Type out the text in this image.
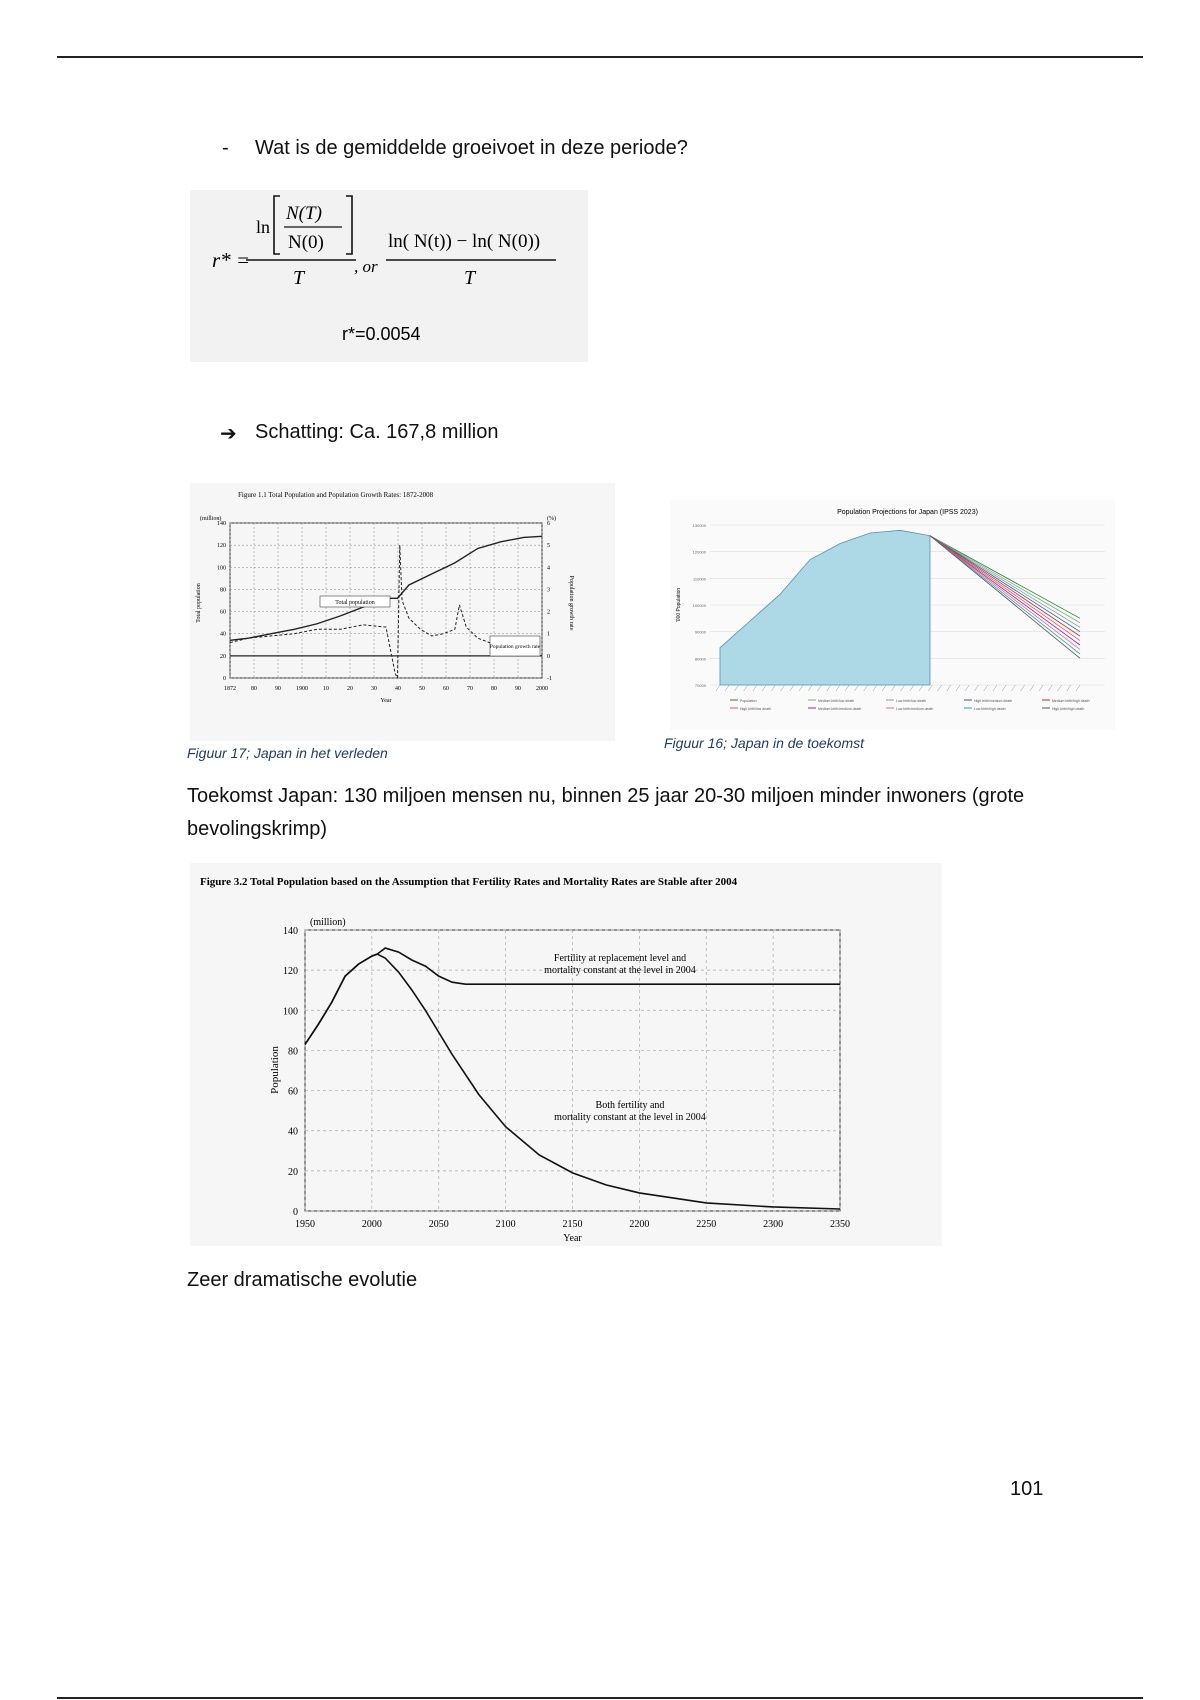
- Wat is de gemiddelde groeivoet in deze periode?
r* =
ln
N(T)
N(0)
T
, or
ln( N(t)) − ln( N(0))
T
r*=0.0054
➔ Schatting: Ca. 167,8 million
Figure 1.1 Total Population and Population Growth Rates: 1872-2008
(million)	(%)
1872	80	90	1900	10	20	30	40	50	60	70	80	90	2000
0
20
40
60
80
100
120
140
-1
0
1
2
3
4
5
6
Total population	Population growth rate
Year
Total population
Population growth rate
Figuur 17; Japan in het verleden
Population Projections for Japan (IPSS 2023)
'000 Population
70000
80000
90000
100000
110000
120000
130000
Population	Medium birth/low death	Low birth/low death	High birth/medium death	Medium birth/high death
High birth/low death	Medium birth/medium death	Low birth/medium death	Low birth/high death	High birth/high death
Figuur 16; Japan in de toekomst
Toekomst Japan: 130 miljoen mensen nu, binnen 25 jaar 20-30 miljoen minder inwoners (grote bevolingskrimp)
Figure 3.2 Total Population based on the Assumption that Fertility Rates and Mortality Rates are Stable after 2004
(million)
1950	2000	2050	2100	2150	2200	2250	2300	2350
0
20
40
60
80
100
120
140
Population
Year
Fertility at replacement level and
mortality constant at the level in 2004
Both fertility and
mortality constant at the level in 2004
Zeer dramatische evolutie
101
